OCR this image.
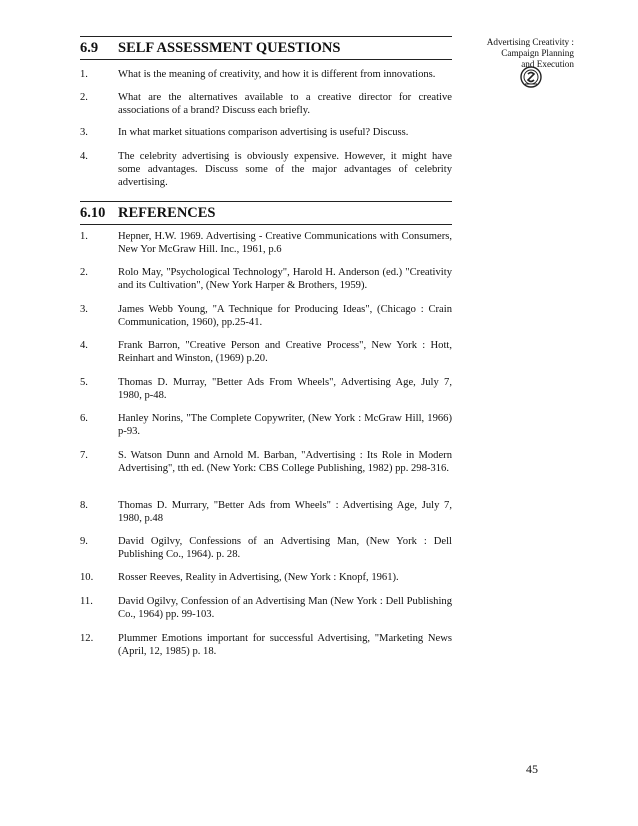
Advertising Creativity :
Campaign Planning
and Execution
6.9 SELF ASSESSMENT QUESTIONS
1.	What is the meaning of creativity, and how it is different from innovations.
2.	What are the alternatives available to a creative director for creative associations of a brand? Discuss each briefly.
3.	In what market situations comparison advertising is useful? Discuss.
4.	The celebrity advertising is obviously expensive. However, it might have some advantages. Discuss some of the major advantages of celebrity advertising.
6.10 REFERENCES
1.	Hepner, H.W. 1969. Advertising - Creative Communications with Consumers, New Yor McGraw Hill. Inc., 1961, p.6
2.	Rolo May, "Psychological Technology", Harold H. Anderson (ed.) "Creativity and its Cultivation", (New York Harper & Brothers, 1959).
3.	James Webb Young, "A Technique for Producing Ideas", (Chicago : Crain Communication, 1960), pp.25-41.
4.	Frank Barron, "Creative Person and Creative Process", New York : Hott, Reinhart and Winston, (1969) p.20.
5.	Thomas D. Murray, "Better Ads From Wheels", Advertising Age, July 7, 1980, p-48.
6.	Hanley Norins, "The Complete Copywriter, (New York : McGraw Hill, 1966) p-93.
7.	S. Watson Dunn and Arnold M. Barban, "Advertising : Its Role in Modern Advertising", tth ed. (New York: CBS College Publishing, 1982) pp. 298-316.
8.	Thomas D. Murrary, "Better Ads from Wheels" : Advertising Age, July 7, 1980, p.48
9.	David Ogilvy, Confessions of an Advertising Man, (New York : Dell Publishing Co., 1964). p. 28.
10.	Rosser Reeves, Reality in Advertising, (New York : Knopf, 1961).
11.	David Ogilvy, Confession of an Advertising Man (New York : Dell Publishing Co., 1964) pp. 99-103.
12.	Plummer Emotions important for successful Advertising, "Marketing News (April, 12, 1985) p. 18.
45
